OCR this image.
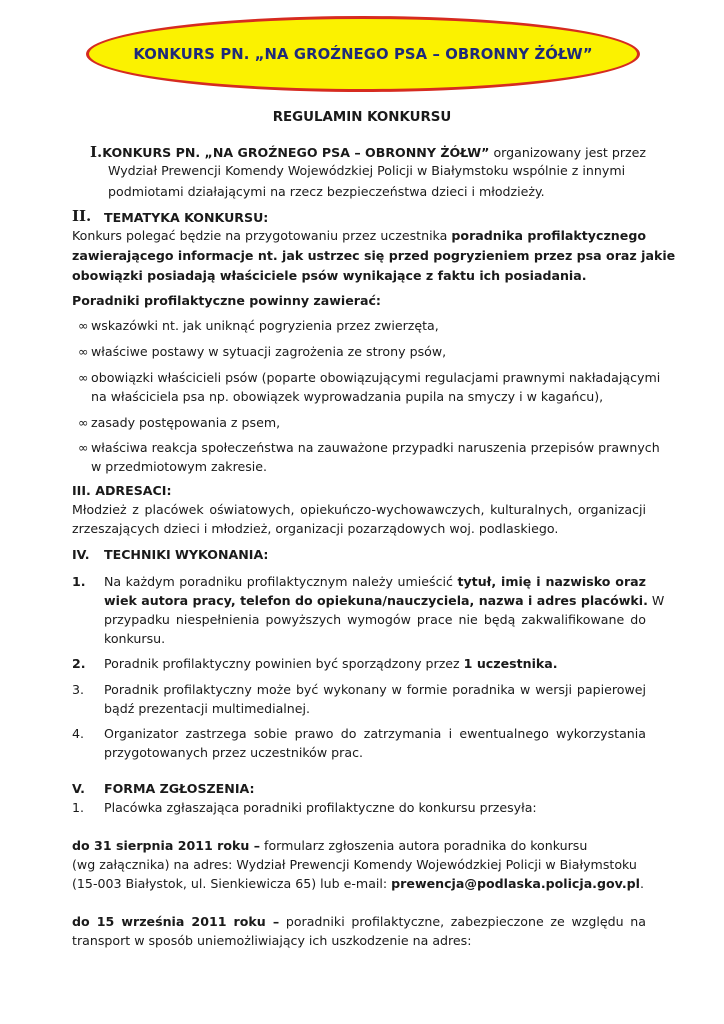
KONKURS PN. „NA GROŹNEGO PSA – OBRONNY ŻÓŁW”
REGULAMIN KONKURSU
I.KONKURS PN. „NA GROŹNEGO PSA – OBRONNY ŻÓŁW” organizowany jest przez
Wydział Prewencji Komendy Wojewódzkiej Policji w Białymstoku wspólnie z innymi
podmiotami działającymi na rzecz bezpieczeństwa dzieci i młodzieży.
II. TEMATYKA KONKURSU:
Konkurs polegać będzie na przygotowaniu przez uczestnika poradnika profilaktycznego
zawierającego informacje nt. jak ustrzec się przed pogryzieniem przez psa oraz jakie
obowiązki posiadają właściciele psów wynikające z faktu ich posiadania.
Poradniki profilaktyczne powinny zawierać:
∞ wskazówki nt. jak uniknąć pogryzienia przez zwierzęta,
∞ właściwe postawy w sytuacji zagrożenia ze strony psów,
∞ obowiązki właścicieli psów (poparte obowiązującymi regulacjami prawnymi nakładającymi
na właściciela psa np. obowiązek wyprowadzania pupila na smyczy i w kagańcu),
∞ zasady postępowania z psem,
∞ właściwa reakcja społeczeństwa na zauważone przypadki naruszenia przepisów prawnych
w przedmiotowym zakresie.
III. ADRESACI:
Młodzież z placówek oświatowych, opiekuńczo-wychowawczych, kulturalnych, organizacji
zrzeszających dzieci i młodzież, organizacji pozarządowych woj. podlaskiego.
IV. TECHNIKI WYKONANIA:
1. Na każdym poradniku profilaktycznym należy umieścić tytuł, imię i nazwisko oraz
wiek autora pracy, telefon do opiekuna/nauczyciela, nazwa i adres placówki. W
przypadku niespełnienia powyższych wymogów prace nie będą zakwalifikowane do
konkursu.
2. Poradnik profilaktyczny powinien być sporządzony przez 1 uczestnika.
3. Poradnik profilaktyczny może być wykonany w formie poradnika w wersji papierowej
bądź prezentacji multimedialnej.
4. Organizator zastrzega sobie prawo do zatrzymania i ewentualnego wykorzystania
przygotowanych przez uczestników prac.
V. FORMA ZGŁOSZENIA:
1. Placówka zgłaszająca poradniki profilaktyczne do konkursu przesyła:
do 31 sierpnia 2011 roku – formularz zgłoszenia autora poradnika do konkursu
(wg załącznika) na adres: Wydział Prewencji Komendy Wojewódzkiej Policji w Białymstoku
(15-003 Białystok, ul. Sienkiewicza 65) lub e-mail: prewencja@podlaska.policja.gov.pl.
do 15 września 2011 roku – poradniki profilaktyczne, zabezpieczone ze względu na
transport w sposób uniemożliwiający ich uszkodzenie na adres:
